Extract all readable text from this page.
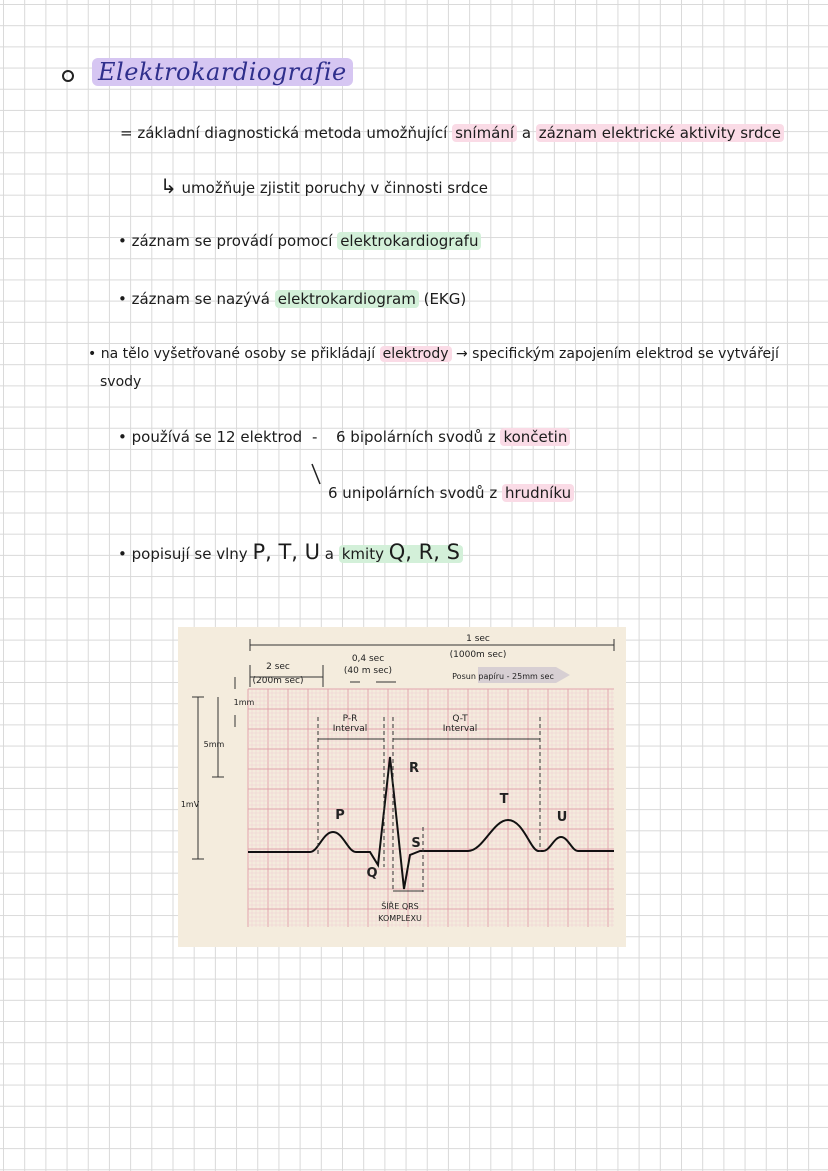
Elektrokardiografie
= základní diagnostická metoda umožňující snímání a záznam elektrické aktivity srdce
↳ umožňuje zjistit poruchy v činnosti srdce
• záznam se provádí pomocí elektrokardiografu
• záznam se nazývá elektrokardiogram (EKG)
• na tělo vyšetřované osoby se přikládají elektrody → specifickým zapojením elektrod se vytvářejí
svody
• používá se 12 elektrod - 6 bipolárních svodů z končetin
6 unipolárních svodů z hrudníku
• popisují se vlny P, T, U a kmity Q, R, S
1 sec
(1000m sec)
2 sec
(200m sec)
0,4 sec
(40 m sec)
Posun papíru - 25mm sec
1mm
5mm
1mV
P-R
Interval
Q-T
Interval
P
Q
R
S
T
U
ŠÍŘE QRS
KOMPLEXU
